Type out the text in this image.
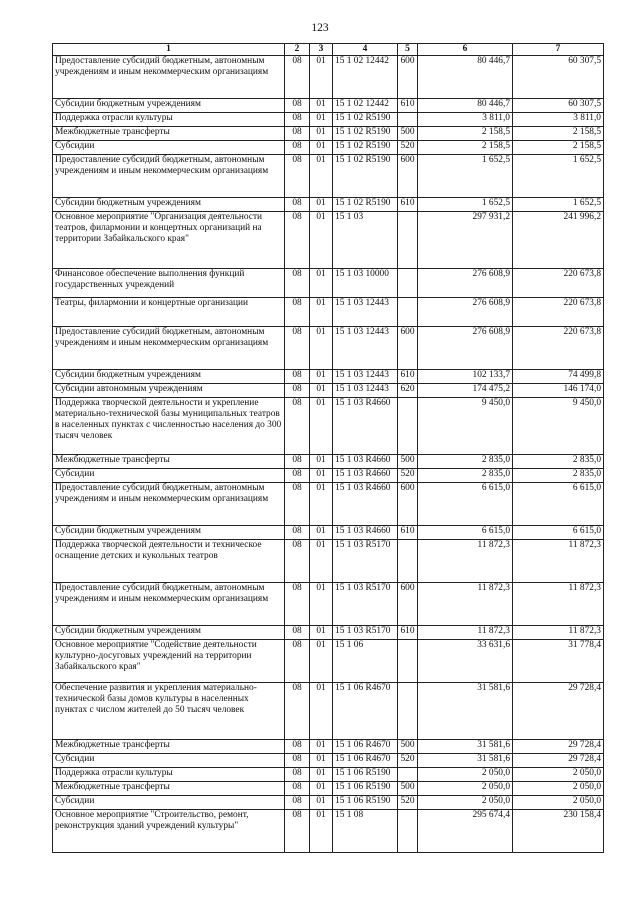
123
1	2	3	4	5	6	7
Предоставление субсидий бюджетным, автономным учреждениям и иным некоммерческим организациям	08	01	15 1 02 12442	600	80 446,7	60 307,5
Субсидии бюджетным учреждениям	08	01	15 1 02 12442	610	80 446,7	60 307,5
Поддержка отрасли культуры	08	01	15 1 02 R5190		3 811,0	3 811,0
Межбюджетные трансферты	08	01	15 1 02 R5190	500	2 158,5	2 158,5
Субсидии	08	01	15 1 02 R5190	520	2 158,5	2 158,5
Предоставление субсидий бюджетным, автономным учреждениям и иным некоммерческим организациям	08	01	15 1 02 R5190	600	1 652,5	1 652,5
Субсидии бюджетным учреждениям	08	01	15 1 02 R5190	610	1 652,5	1 652,5
Основное мероприятие "Организация деятельности театров, филармонии и концертных организаций на территории Забайкальского края"	08	01	15 1 03		297 931,2	241 996,2
Финансовое обеспечение выполнения функций государственных учреждений	08	01	15 1 03 10000		276 608,9	220 673,8
Театры, филармонии и концертные организации	08	01	15 1 03 12443		276 608,9	220 673,8
Предоставление субсидий бюджетным, автономным учреждениям и иным некоммерческим организациям	08	01	15 1 03 12443	600	276 608,9	220 673,8
Субсидии бюджетным учреждениям	08	01	15 1 03 12443	610	102 133,7	74 499,8
Субсидии автономным учреждениям	08	01	15 1 03 12443	620	174 475,2	146 174,0
Поддержка творческой деятельности и укрепление материально-технической базы муниципальных театров в населенных пунктах с численностью населения до 300 тысяч человек	08	01	15 1 03 R4660		9 450,0	9 450,0
Межбюджетные трансферты	08	01	15 1 03 R4660	500	2 835,0	2 835,0
Субсидии	08	01	15 1 03 R4660	520	2 835,0	2 835,0
Предоставление субсидий бюджетным, автономным учреждениям и иным некоммерческим организациям	08	01	15 1 03 R4660	600	6 615,0	6 615,0
Субсидии бюджетным учреждениям	08	01	15 1 03 R4660	610	6 615,0	6 615,0
Поддержка творческой деятельности и техническое оснащение детских и кукольных театров	08	01	15 1 03 R5170		11 872,3	11 872,3
Предоставление субсидий бюджетным, автономным учреждениям и иным некоммерческим организациям	08	01	15 1 03 R5170	600	11 872,3	11 872,3
Субсидии бюджетным учреждениям	08	01	15 1 03 R5170	610	11 872,3	11 872,3
Основное мероприятие "Содействие деятельности культурно-досуговых учреждений на территории Забайкальского края"	08	01	15 1 06		33 631,6	31 778,4
Обеспечение развития и укрепления материально-технической базы домов культуры в населенных пунктах с числом жителей до 50 тысяч человек	08	01	15 1 06 R4670		31 581,6	29 728,4
Межбюджетные трансферты	08	01	15 1 06 R4670	500	31 581,6	29 728,4
Субсидии	08	01	15 1 06 R4670	520	31 581,6	29 728,4
Поддержка отрасли культуры	08	01	15 1 06 R5190		2 050,0	2 050,0
Межбюджетные трансферты	08	01	15 1 06 R5190	500	2 050,0	2 050,0
Субсидии	08	01	15 1 06 R5190	520	2 050,0	2 050,0
Основное мероприятие "Строительство, ремонт, реконструкция зданий учреждений культуры"	08	01	15 1 08		295 674,4	230 158,4
